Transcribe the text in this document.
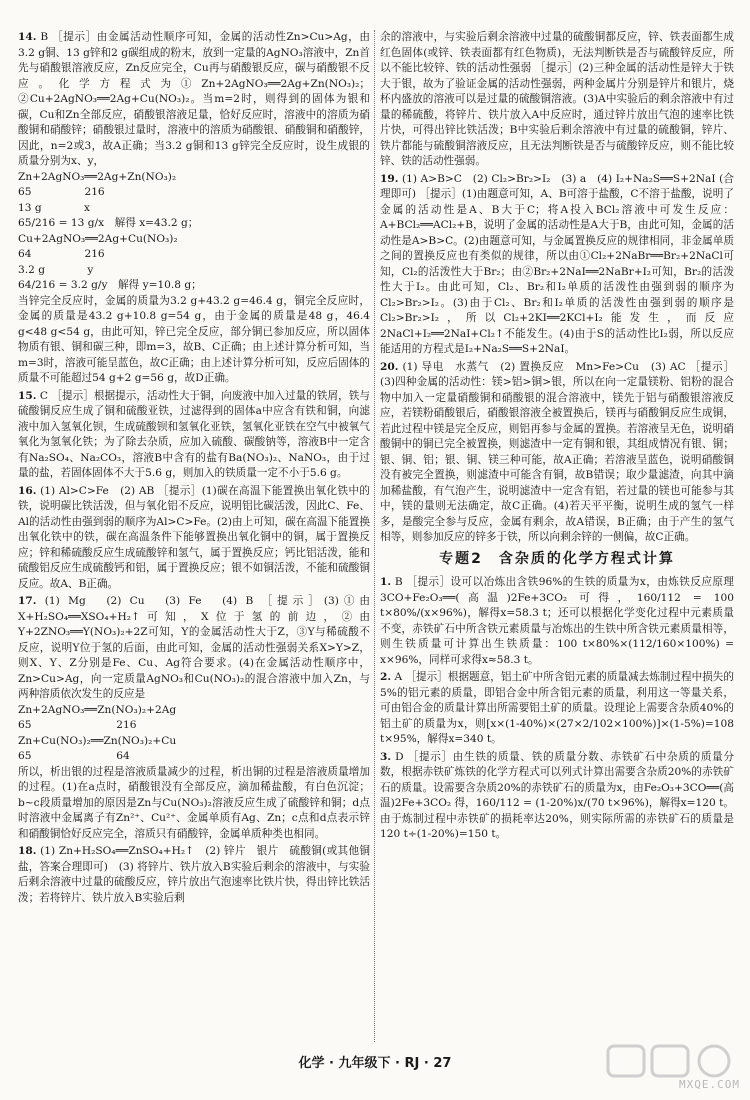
14. B ［提示］由金属活动性顺序可知，金属的活动性Zn>Cu>Ag，由3.2 g铜、13 g锌和2 g碳组成的粉末，放到一定量的AgNO₃溶液中，Zn首先与硝酸银溶液反应，Zn反应完全，Cu再与硝酸银反应，碳与硝酸银不反应。化学方程式为①Zn+2AgNO₃══2Ag+Zn(NO₃)₂；②Cu+2AgNO₃══2Ag+Cu(NO₃)₂。当m=2时，则得到的固体为银和碳，Cu和Zn全部反应，硝酸银溶液足量，恰好反应时，溶液中的溶质为硝酸铜和硝酸锌；硝酸银过量时，溶液中的溶质为硝酸银、硝酸铜和硝酸锌，因此，n=2或3，故A正确；当3.2 g铜和13 g锌完全反应时，设生成银的质量分别为x、y，

Zn+2AgNO₃══2Ag+Zn(NO₃)₂

65　　　　　216

13 g　　　　x

65/216 = 13 g/x　解得 x=43.2 g；

Cu+2AgNO₃══2Ag+Cu(NO₃)₂

64　　　　　216

3.2 g　　　　y

64/216 = 3.2 g/y　解得 y=10.8 g；

当锌完全反应时，金属的质量为3.2 g+43.2 g=46.4 g，铜完全反应时，金属的质量是43.2 g+10.8 g=54 g，由于金属的质量是48 g，46.4 g<48 g<54 g，由此可知，锌已完全反应，部分铜已参加反应，所以固体物质有银、铜和碳三种，即m=3，故B、C正确；由上述计算分析可知，当m=3时，溶液可能呈蓝色，故C正确；由上述计算分析可知，反应后固体的质量不可能超过54 g+2 g=56 g，故D正确。

15. C ［提示］根据提示，活动性大于铜，向废液中加入过量的铁屑，铁与硫酸铜反应生成了铜和硫酸亚铁，过滤得到的固体a中应含有铁和铜，向滤液中加入氢氧化钡，生成硫酸钡和氢氧化亚铁，氢氧化亚铁在空气中被氧气氧化为氢氧化铁；为了除去杂质，应加入硫酸、碳酸钠等，溶液B中一定含有Na₂SO₄、Na₂CO₃，溶液B中含有的盐有Ba(NO₃)₂、NaNO₃，由于过量的盐，若固体固体不大于5.6 g，则加入的铁质量一定不小于5.6 g。

16. (1) Al>C>Fe　(2) AB ［提示］(1)碳在高温下能置换出氧化铁中的铁，说明碳比铁活泼，但与氧化铝不反应，说明铝比碳活泼，因此C、Fe、Al的活动性由强到弱的顺序为Al>C>Fe。(2)由上可知，碳在高温下能置换出氧化铁中的铁，碳在高温条件下能够置换出氧化铜中的铜，属于置换反应；锌和稀硫酸反应生成硫酸锌和氢气，属于置换反应；钙比铝活泼，能和硫酸铝反应生成硫酸钙和铝，属于置换反应；银不如铜活泼，不能和硫酸铜反应。故A、B正确。

17. (1) Mg　(2) Cu　(3) Fe　(4) B ［提示］(3)①由X+H₂SO₄══XSO₄+H₂↑可知，X位于氢的前边，②由Y+2ZNO₃══Y(NO₃)₂+2Z可知，Y的金属活动性大于Z，③Y与稀硫酸不反应，说明Y位于氢的后面，由此可知，金属的活动性强弱关系X>Y>Z，则X、Y、Z分别是Fe、Cu、Ag符合要求。(4)在金属活动性顺序中，Zn>Cu>Ag，向一定质量AgNO₃和Cu(NO₃)₂的混合溶液中加入Zn，与两种溶质依次发生的反应是

Zn+2AgNO₃══Zn(NO₃)₂+2Ag

65　　　　　　　　216

Zn+Cu(NO₃)₂══Zn(NO₃)₂+Cu

65　　　　　　　　64

所以，析出银的过程是溶液质量减少的过程，析出铜的过程是溶液质量增加的过程。(1)在a点时，硝酸银没有全部反应，滴加稀盐酸，有白色沉淀；b~c段质量增加的原因是Zn与Cu(NO₃)₂溶液反应生成了硫酸锌和铜；d点时溶液中金属离子有Zn²⁺、Cu²⁺、金属单质有Ag、Zn；c点和d点表示锌和硝酸铜恰好反应完全，溶质只有硝酸锌，金属单质种类也相同。

18. (1) Zn+H₂SO₄══ZnSO₄+H₂↑　(2) 锌片　银片　硫酸铜(或其他铜盐，答案合理即可)　(3) 将锌片、铁片放入B实验后剩余的溶液中，与实验后剩余溶液中过量的硫酸反应，锌片放出气泡速率比铁片快，得出锌比铁活泼；若将锌片、铁片放入B实验后剩

余的溶液中，与实验后剩余溶液中过量的硫酸铜都反应，锌、铁表面都生成红色固体(或锌、铁表面都有红色物质)，无法判断铁是否与硫酸锌反应，所以不能比较锌、铁的活动性强弱 ［提示］(2)三种金属的活动性是锌大于铁大于银，故为了验证金属的活动性强弱，两种金属片分别是锌片和银片，烧杯内盛放的溶液可以是过量的硫酸铜溶液。(3)A中实验后的剩余溶液中有过量的稀硫酸，将锌片、铁片放入A中反应时，通过锌片放出气泡的速率比铁片快，可得出锌比铁活泼；B中实验后剩余溶液中有过量的硫酸铜，锌片、铁片都能与硫酸铜溶液反应，且无法判断铁是否与硫酸锌反应，则不能比较锌、铁的活动性强弱。

19. (1) A>B>C　(2) Cl₂>Br₂>I₂　(3) a　(4) I₂+Na₂S══S+2NaI (合理即可) ［提示］(1)由题意可知，A、B可溶于盐酸，C不溶于盐酸，说明了金属的活动性是A、B大于C；将A投入BCl₂溶液中可发生反应：A+BCl₂══ACl₂+B，说明了金属的活动性是A大于B，由此可知，金属的活动性是A>B>C。(2)由题意可知，与金属置换反应的规律相同，非金属单质之间的置换反应也有类似的规律，所以由①Cl₂+2NaBr══Br₂+2NaCl可知，Cl₂的活泼性大于Br₂；由②Br₂+2NaI══2NaBr+I₂可知，Br₂的活泼性大于I₂。由此可知，Cl₂、Br₂和I₂单质的活泼性由强到弱的顺序为Cl₂>Br₂>I₂。(3)由于Cl₂、Br₂和I₂单质的活泼性由强到弱的顺序是Cl₂>Br₂>I₂，所以Cl₂+2KI══2KCl+I₂能发生，而反应2NaCl+I₂══2NaI+Cl₂↑不能发生。(4)由于S的活动性比I₂弱，所以反应能适用的方程式是I₂+Na₂S══S+2NaI。

20. (1) 导电　水蒸气　(2) 置换反应　Mn>Fe>Cu　(3) AC ［提示］(3)四种金属的活动性：镁>铝>铜>银，所以在向一定量镁粉、铝粉的混合物中加入一定量硝酸铜和硝酸银的混合溶液中，镁先于铝与硝酸银溶液反应，若镁粉硝酸银后，硝酸银溶液全被置换后，镁再与硝酸铜反应生成铜，若此过程中镁是完全反应，则铝再参与金属的置换。若溶液呈无色，说明硝酸铜中的铜已完全被置换，则滤渣中一定有铜和银，其组成情况有银、铜；银、铜、铝；银、铜、镁三种可能，故A正确；若溶液呈蓝色，说明硝酸铜没有被完全置换，则滤渣中可能含有铜，故B错误；取少量滤渣，向其中滴加稀盐酸，有气泡产生，说明滤渣中一定含有铝，若过量的镁也可能参与其中，镁的量则无法确定，故C正确。(4)若天平平衡，说明生成的氢气一样多，是酸完全参与反应，金属有剩余，故A错误，B正确；由于产生的氢气相等，则参加反应的锌多于铁，所以向剩余锌的一侧偏，故C正确。

专题2　含杂质的化学方程式计算

1. B ［提示］设可以冶炼出含铁96%的生铁的质量为x，由炼铁反应原理3CO+Fe₂O₃══(高温)2Fe+3CO₂ 可得，160/112 = 100 t×80%/(x×96%)，解得x=58.3 t；还可以根据化学变化过程中元素质量不变，赤铁矿石中所含铁元素质量与冶炼出的生铁中所含铁元素质量相等，则生铁质量可计算出生铁质量：100 t×80%×(112/160×100%) = x×96%，同样可求得x≈58.3 t。

2. A ［提示］根据题意，铝土矿中所含铝元素的质量减去炼制过程中损失的5%的铝元素的质量，即铝合金中所含铝元素的质量，利用这一等量关系，可由铝合金的质量计算出所需要铝土矿的质量。设理论上需要含杂质40%的铝土矿的质量为x，则[x×(1-40%)×(27×2/102×100%)]×(1-5%)=108 t×95%，解得x=340 t。

3. D ［提示］由生铁的质量、铁的质量分数、赤铁矿石中杂质的质量分数，根据赤铁矿炼铁的化学方程式可以列式计算出需要含杂质20%的赤铁矿石的质量。设需要含杂质20%的赤铁矿石的质量为x，由Fe₂O₃+3CO══(高温)2Fe+3CO₂ 得，160/112 = (1-20%)x/(70 t×96%)，解得x=120 t。由于炼制过程中赤铁矿的损耗率达20%，则实际所需的赤铁矿石的质量是120 t÷(1-20%)=150 t。

化学 · 九年级下 · RJ · 27
MXQE.COM
